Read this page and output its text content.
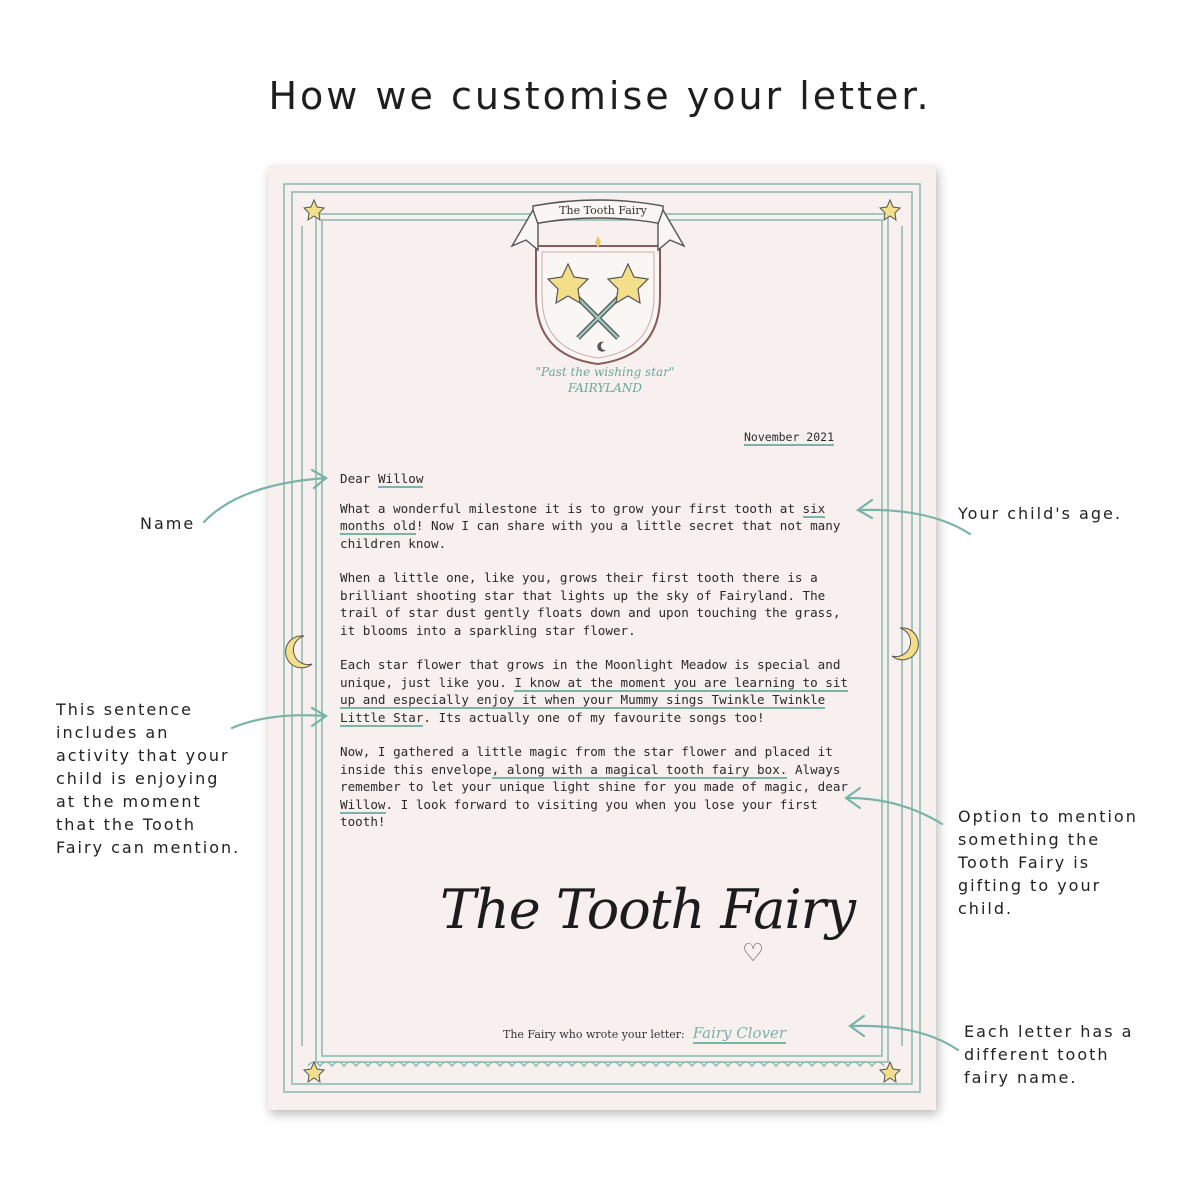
How we customise your letter.
The Tooth Fairy
"Past the wishing star"
FAIRYLAND
November 2021

Dear Willow

What a wonderful milestone it is to grow your first tooth at six months old! Now I can share with you a little secret that not many children know.

When a little one, like you, grows their first tooth there is a brilliant shooting star that lights up the sky of Fairyland. The trail of star dust gently floats down and upon touching the grass, it blooms into a sparkling star flower.

Each star flower that grows in the Moonlight Meadow is special and unique, just like you. I know at the moment you are learning to sit up and especially enjoy it when your Mummy sings Twinkle Twinkle Little Star. Its actually one of my favourite songs too!

Now, I gathered a little magic from the star flower and placed it inside this envelope, along with a magical tooth fairy box. Always remember to let your unique light shine for you made of magic, dear Willow. I look forward to visiting you when you lose your first tooth!

The Tooth Fairy
♡
The Fairy who wrote your letter: Fairy Clover
Name
Your child's age.
This sentence
includes an
activity that your
child is enjoying
at the moment
that the Tooth
Fairy can mention.
Option to mention
something the
Tooth Fairy is
gifting to your
child.
Each letter has a
different tooth
fairy name.
